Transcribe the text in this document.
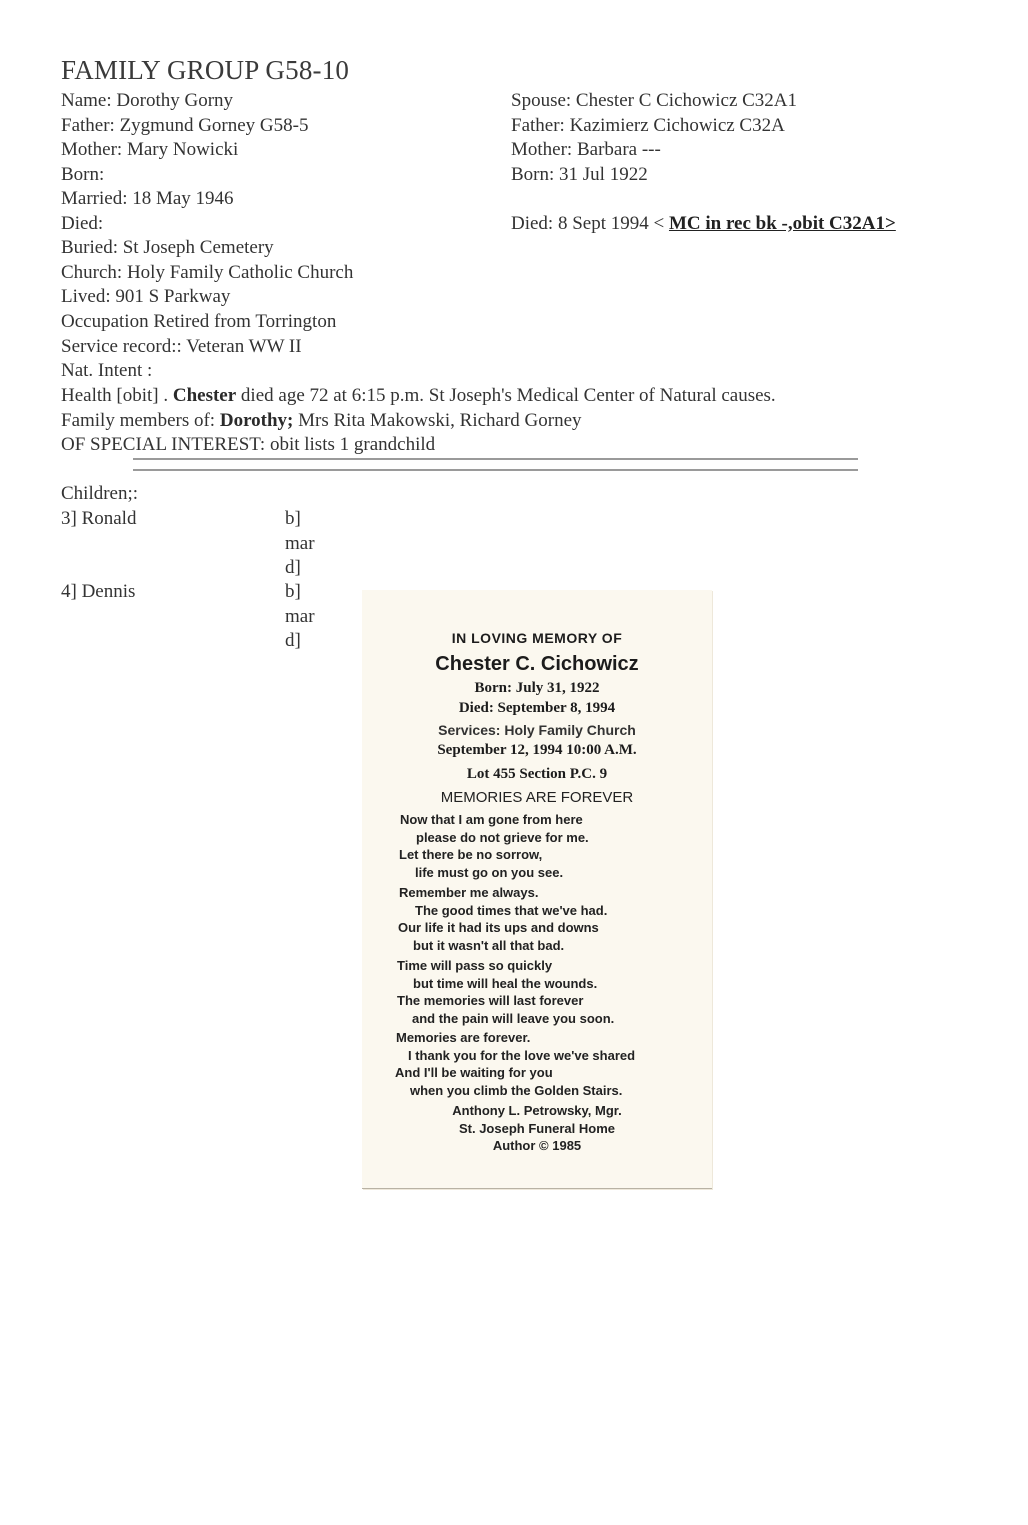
FAMILY GROUP G58-10
Name: Dorothy Gorny
Father: Zygmund Gorney G58-5
Mother: Mary Nowicki
Born:
Married: 18 May 1946
Died:
Buried: St Joseph Cemetery
Church: Holy Family Catholic Church
Lived: 901 S Parkway
Occupation Retired from Torrington
Service record:: Veteran WW II
Nat. Intent :
Spouse: Chester C Cichowicz C32A1
Father: Kazimierz Cichowicz C32A
Mother: Barbara ---
Born: 31 Jul 1922
Died: 8 Sept 1994 < MC in rec bk -,obit C32A1>
Health [obit] . Chester died age 72 at 6:15 p.m. St Joseph's Medical Center of Natural causes.
Family members of: Dorothy; Mrs Rita Makowski, Richard Gorney
OF SPECIAL INTEREST: obit lists 1 grandchild
Children;:
3] Ronald	b]
mar
d]
4] Dennis	b]
mar
d]	IN LOVING MEMORY OF
Chester C. Cichowicz
Born: July 31, 1922
Died: September 8, 1994
Services: Holy Family Church
September 12, 1994 10:00 A.M.
Lot 455 Section P.C. 9
MEMORIES ARE FOREVER
Now that I am gone from here
please do not grieve for me.
Let there be no sorrow,
life must go on you see.
Remember me always.
The good times that we've had.
Our life it had its ups and downs
but it wasn't all that bad.
Time will pass so quickly
but time will heal the wounds.
The memories will last forever
and the pain will leave you soon.
Memories are forever.
I thank you for the love we've shared
And I'll be waiting for you
when you climb the Golden Stairs.
Anthony L. Petrowsky, Mgr.
St. Joseph Funeral Home
Author © 1985
